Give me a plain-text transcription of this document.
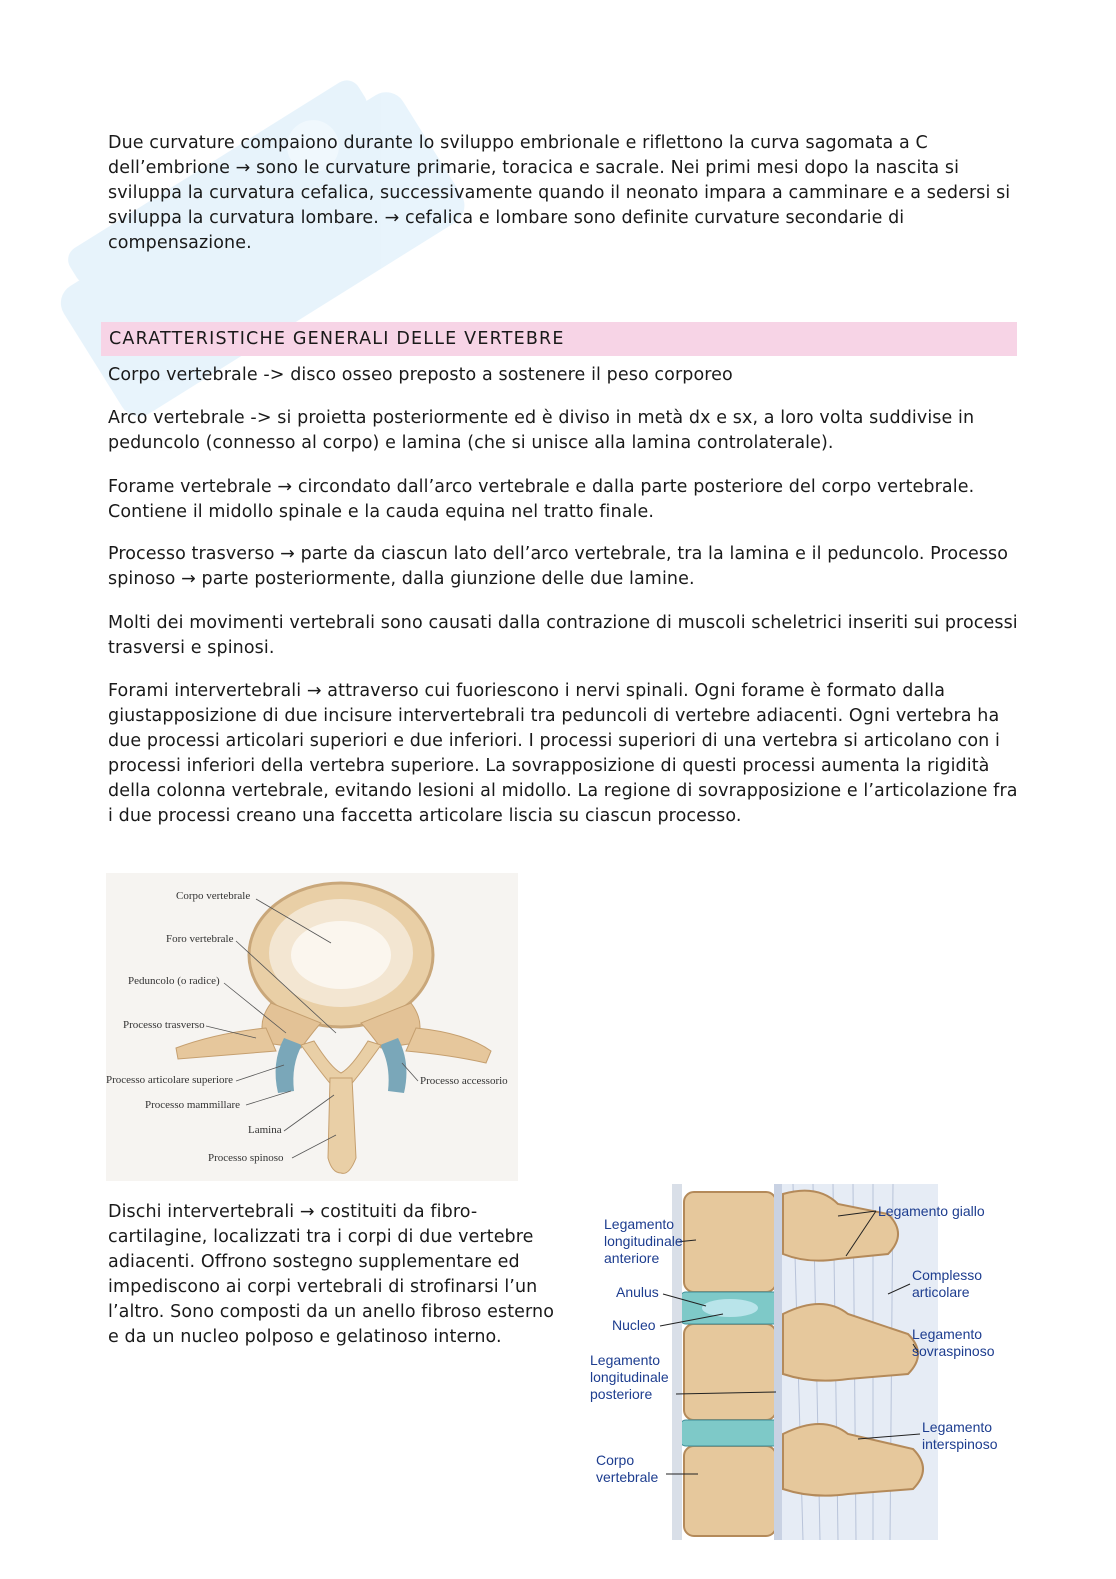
Due curvature compaiono durante lo sviluppo embrionale e riflettono la curva sagomata a C dell’embrione → sono le curvature primarie, toracica e sacrale. Nei primi mesi dopo la nascita si sviluppa la curvatura cefalica, successivamente quando il neonato impara a camminare e a sedersi si sviluppa la curvatura lombare. → cefalica e lombare sono definite curvature secondarie di compensazione.

CARATTERISTICHE GENERALI DELLE VERTEBRE

Corpo vertebrale -> disco osseo preposto a sostenere il peso corporeo

Arco vertebrale -> si proietta posteriormente ed è diviso in metà dx e sx, a loro volta suddivise in peduncolo (connesso al corpo) e lamina (che si unisce alla lamina controlaterale).

Forame vertebrale → circondato dall’arco vertebrale e dalla parte posteriore del corpo vertebrale. Contiene il midollo spinale e la cauda equina nel tratto finale.

Processo trasverso → parte da ciascun lato dell’arco vertebrale, tra la lamina e il peduncolo. Processo spinoso → parte posteriormente, dalla giunzione delle due lamine.

Molti dei movimenti vertebrali sono causati dalla contrazione di muscoli scheletrici inseriti sui processi trasversi e spinosi.

Forami intervertebrali → attraverso cui fuoriescono i nervi spinali. Ogni forame è formato dalla giustapposizione di due incisure intervertebrali tra peduncoli di vertebre adiacenti. Ogni vertebra ha due processi articolari superiori e due inferiori. I processi superiori di una vertebra si articolano con i processi inferiori della vertebra superiore. La sovrapposizione di questi processi aumenta la rigidità della colonna vertebrale, evitando lesioni al midollo. La regione di sovrapposizione e l’articolazione fra i due processi creano una faccetta articolare liscia su ciascun processo.

Corpo vertebrale
Foro vertebrale
Peduncolo (o radice)
Processo trasverso
Processo articolare superiore
Processo mammillare
Lamina
Processo spinoso
Processo accessorio

Dischi intervertebrali → costituiti da fibro-cartilagine, localizzati tra i corpi di due vertebre adiacenti. Offrono sostegno supplementare ed impediscono ai corpi vertebrali di strofinarsi l’un l’altro. Sono composti da un anello fibroso esterno e da un nucleo polposo e gelatinoso interno.

Legamento
longitudinale
anteriore
Anulus
Nucleo
Legamento
longitudinale
posteriore
Corpo
vertebrale
Legamento giallo
Complesso
articolare
Legamento
sovraspinoso
Legamento
interspinoso
